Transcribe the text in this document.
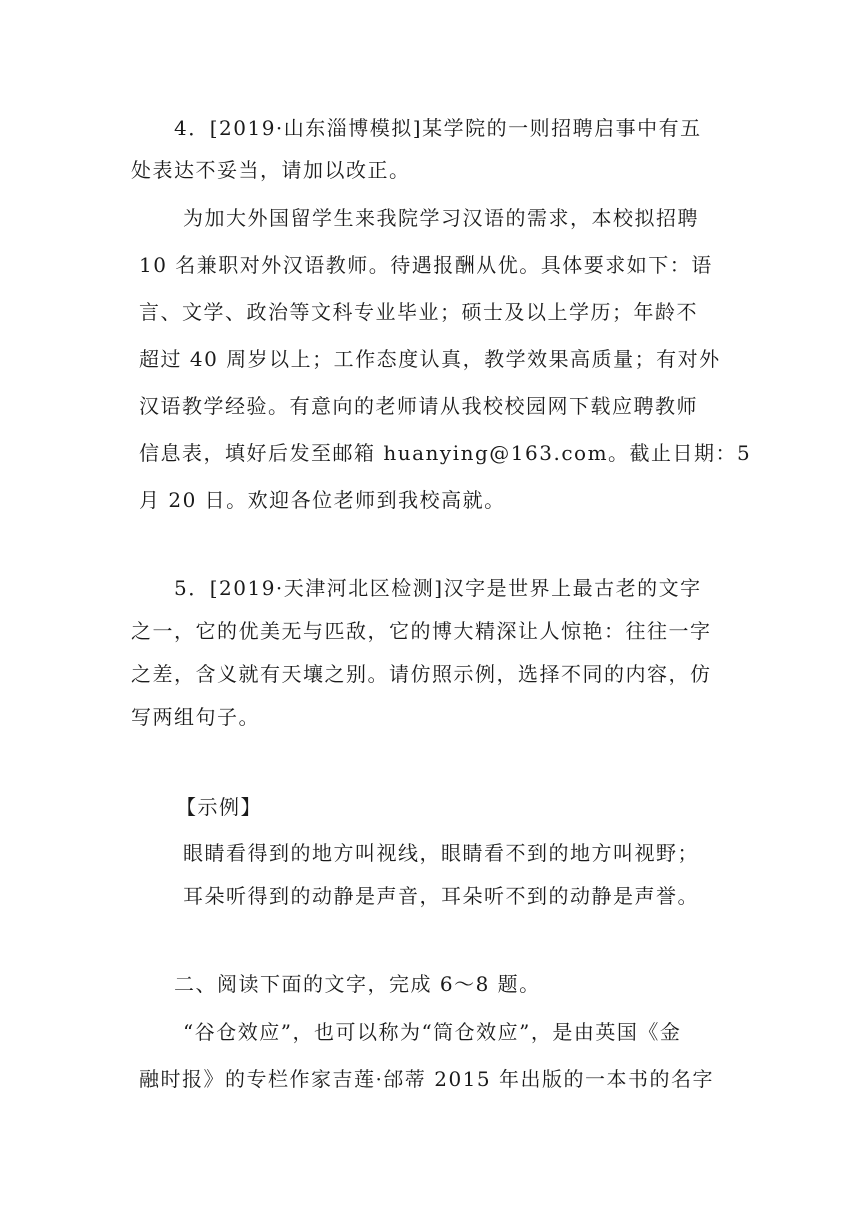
4．[2019·山东淄博模拟]某学院的一则招聘启事中有五
处表达不妥当，请加以改正。
为加大外国留学生来我院学习汉语的需求，本校拟招聘
10 名兼职对外汉语教师。待遇报酬从优。具体要求如下：语
言、文学、政治等文科专业毕业；硕士及以上学历；年龄不
超过 40 周岁以上；工作态度认真，教学效果高质量；有对外
汉语教学经验。有意向的老师请从我校校园网下载应聘教师
信息表，填好后发至邮箱 huanying@163.com。截止日期：5
月 20 日。欢迎各位老师到我校高就。
5．[2019·天津河北区检测]汉字是世界上最古老的文字
之一，它的优美无与匹敌，它的博大精深让人惊艳：往往一字
之差，含义就有天壤之别。请仿照示例，选择不同的内容，仿
写两组句子。
【示例】
眼睛看得到的地方叫视线，眼睛看不到的地方叫视野；
耳朵听得到的动静是声音，耳朵听不到的动静是声誉。
二、阅读下面的文字，完成 6～8 题。
“谷仓效应”，也可以称为“筒仓效应”，是由英国《金
融时报》的专栏作家吉莲·邰蒂 2015 年出版的一本书的名字
